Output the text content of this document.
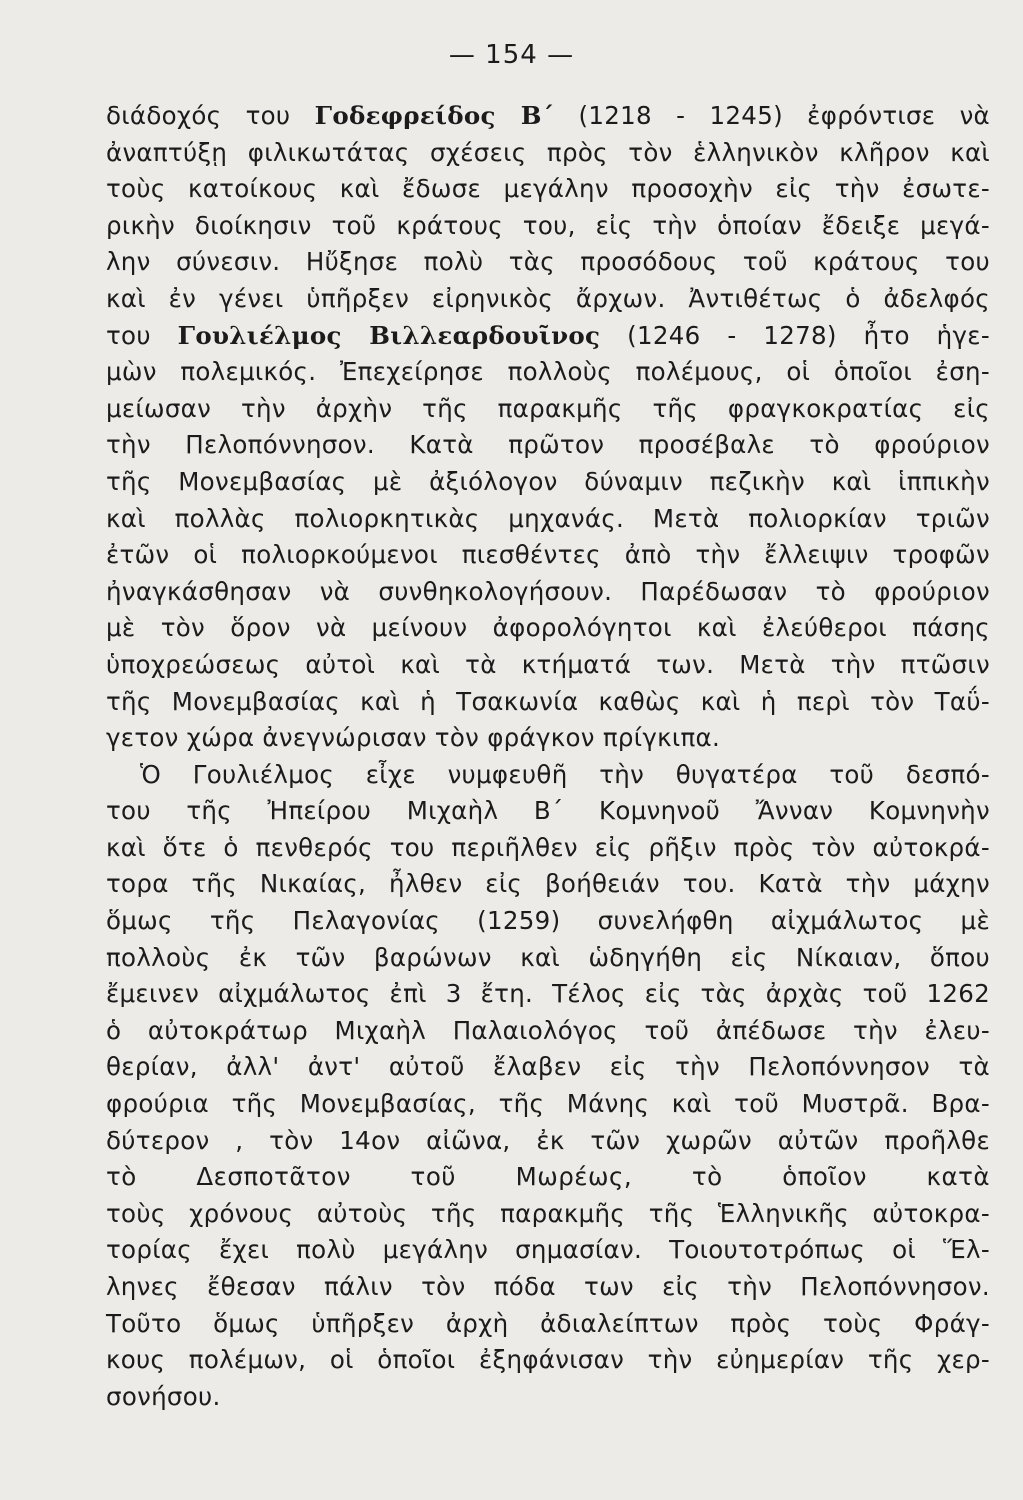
— 154 —
διάδοχός του Γοδεφρείδος Β΄ (1218 - 1245) ἐφρόντισε νὰ
ἀναπτύξῃ φιλικωτάτας σχέσεις πρὸς τὸν ἑλληνικὸν κλῆρον καὶ
τοὺς κατοίκους καὶ ἔδωσε μεγάλην προσοχὴν εἰς τὴν ἐσωτε-
ρικὴν διοίκησιν τοῦ κράτους του, εἰς τὴν ὁποίαν ἔδειξε μεγά-
λην σύνεσιν. Ηὔξησε πολὺ τὰς προσόδους τοῦ κράτους του
καὶ ἐν γένει ὑπῆρξεν εἰρηνικὸς ἄρχων. Ἀντιθέτως ὁ ἀδελφός
του Γουλιέλμος Βιλλεαρδουῖνος (1246 - 1278) ἦτο ἡγε-
μὼν πολεμικός. Ἐπεχείρησε πολλοὺς πολέμους, οἱ ὁποῖοι ἐση-
μείωσαν τὴν ἀρχὴν τῆς παρακμῆς τῆς φραγκοκρατίας εἰς
τὴν Πελοπόννησον. Κατὰ πρῶτον προσέβαλε τὸ φρούριον
τῆς Μονεμβασίας μὲ ἀξιόλογον δύναμιν πεζικὴν καὶ ἱππικὴν
καὶ πολλὰς πολιορκητικὰς μηχανάς. Μετὰ πολιορκίαν τριῶν
ἐτῶν οἱ πολιορκούμενοι πιεσθέντες ἀπὸ τὴν ἔλλειψιν τροφῶν
ἠναγκάσθησαν νὰ συνθηκολογήσουν. Παρέδωσαν τὸ φρούριον
μὲ τὸν ὅρον νὰ μείνουν ἀφορολόγητοι καὶ ἐλεύθεροι πάσης
ὑποχρεώσεως αὐτοὶ καὶ τὰ κτήματά των. Μετὰ τὴν πτῶσιν
τῆς Μονεμβασίας καὶ ἡ Τσακωνία καθὼς καὶ ἡ περὶ τὸν Ταΰ-
γετον χώρα ἀνεγνώρισαν τὸν φράγκον πρίγκιπα.
Ὁ Γουλιέλμος εἶχε νυμφευθῆ τὴν θυγατέρα τοῦ δεσπό-
του τῆς Ἠπείρου Μιχαὴλ Β΄ Κομνηνοῦ Ἄνναν Κομνηνὴν
καὶ ὅτε ὁ πενθερός του περιῆλθεν εἰς ρῆξιν πρὸς τὸν αὐτοκρά-
τορα τῆς Νικαίας, ἦλθεν εἰς βοήθειάν του. Κατὰ τὴν μάχην
ὅμως τῆς Πελαγονίας (1259) συνελήφθη αἰχμάλωτος μὲ
πολλοὺς ἐκ τῶν βαρώνων καὶ ὡδηγήθη εἰς Νίκαιαν, ὅπου
ἔμεινεν αἰχμάλωτος ἐπὶ 3 ἔτη. Τέλος εἰς τὰς ἀρχὰς τοῦ 1262
ὁ αὐτοκράτωρ Μιχαὴλ Παλαιολόγος τοῦ ἀπέδωσε τὴν ἐλευ-
θερίαν, ἀλλ' ἀντ' αὐτοῦ ἔλαβεν εἰς τὴν Πελοπόννησον τὰ
φρούρια τῆς Μονεμβασίας, τῆς Μάνης καὶ τοῦ Μυστρᾶ. Βρα-
δύτερον , τὸν 14ον αἰῶνα, ἐκ τῶν χωρῶν αὐτῶν προῆλθε
τὸ Δεσποτᾶτον τοῦ Μωρέως, τὸ ὁποῖον κατὰ
τοὺς χρόνους αὐτοὺς τῆς παρακμῆς τῆς Ἑλληνικῆς αὐτοκρα-
τορίας ἔχει πολὺ μεγάλην σημασίαν. Τοιουτοτρόπως οἱ Ἕλ-
ληνες ἔθεσαν πάλιν τὸν πόδα των εἰς τὴν Πελοπόννησον.
Τοῦτο ὅμως ὑπῆρξεν ἀρχὴ ἀδιαλείπτων πρὸς τοὺς Φράγ-
κους πολέμων, οἱ ὁποῖοι ἐξηφάνισαν τὴν εὐημερίαν τῆς χερ-
σονήσου.
